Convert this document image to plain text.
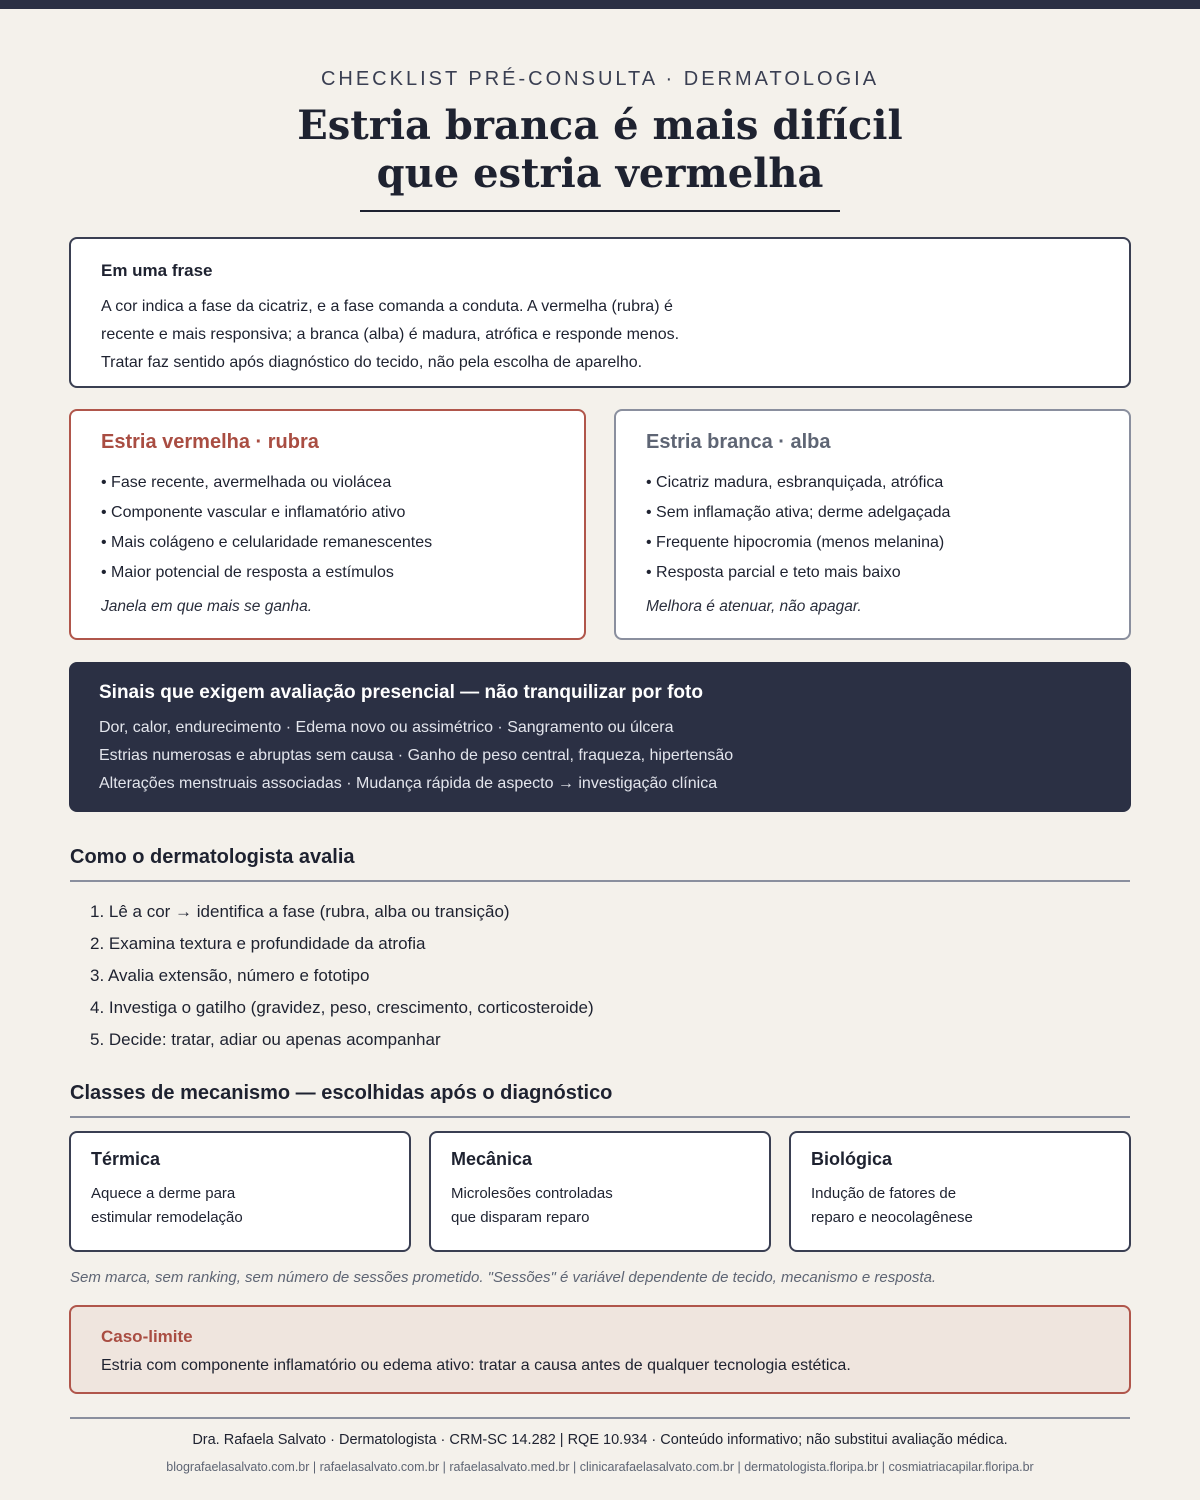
CHECKLIST PRÉ-CONSULTA · DERMATOLOGIA
Estria branca é mais difícil
que estria vermelha
Em uma frase

A cor indica a fase da cicatriz, e a fase comanda a conduta. A vermelha (rubra) é
recente e mais responsiva; a branca (alba) é madura, atrófica e responde menos.
Tratar faz sentido após diagnóstico do tecido, não pela escolha de aparelho.

Estria vermelha · rubra
• Fase recente, avermelhada ou violácea
• Componente vascular e inflamatório ativo
• Mais colágeno e celularidade remanescentes
• Maior potencial de resposta a estímulos
Janela em que mais se ganha.
Estria branca · alba
• Cicatriz madura, esbranquiçada, atrófica
• Sem inflamação ativa; derme adelgaçada
• Frequente hipocromia (menos melanina)
• Resposta parcial e teto mais baixo
Melhora é atenuar, não apagar.
Sinais que exigem avaliação presencial — não tranquilizar por foto

Dor, calor, endurecimento · Edema novo ou assimétrico · Sangramento ou úlcera
Estrias numerosas e abruptas sem causa · Ganho de peso central, fraqueza, hipertensão
Alterações menstruais associadas · Mudança rápida de aspecto → investigação clínica

Como o dermatologista avalia
1. Lê a cor → identifica a fase (rubra, alba ou transição)
2. Examina textura e profundidade da atrofia
3. Avalia extensão, número e fototipo
4. Investiga o gatilho (gravidez, peso, crescimento, corticosteroide)
5. Decide: tratar, adiar ou apenas acompanhar
Classes de mecanismo — escolhidas após o diagnóstico
Térmica

Aquece a derme para
estimular remodelação

Mecânica

Microlesões controladas
que disparam reparo

Biológica

Indução de fatores de
reparo e neocolagênese

Sem marca, sem ranking, sem número de sessões prometido. "Sessões" é variável dependente de tecido, mecanismo e resposta.
Caso-limite

Estria com componente inflamatório ou edema ativo: tratar a causa antes de qualquer tecnologia estética.

Dra. Rafaela Salvato · Dermatologista · CRM-SC 14.282 | RQE 10.934 · Conteúdo informativo; não substitui avaliação médica.
blografaelasalvato.com.br | rafaelasalvato.com.br | rafaelasalvato.med.br | clinicarafaelasalvato.com.br | dermatologista.floripa.br | cosmiatriacapilar.floripa.br
